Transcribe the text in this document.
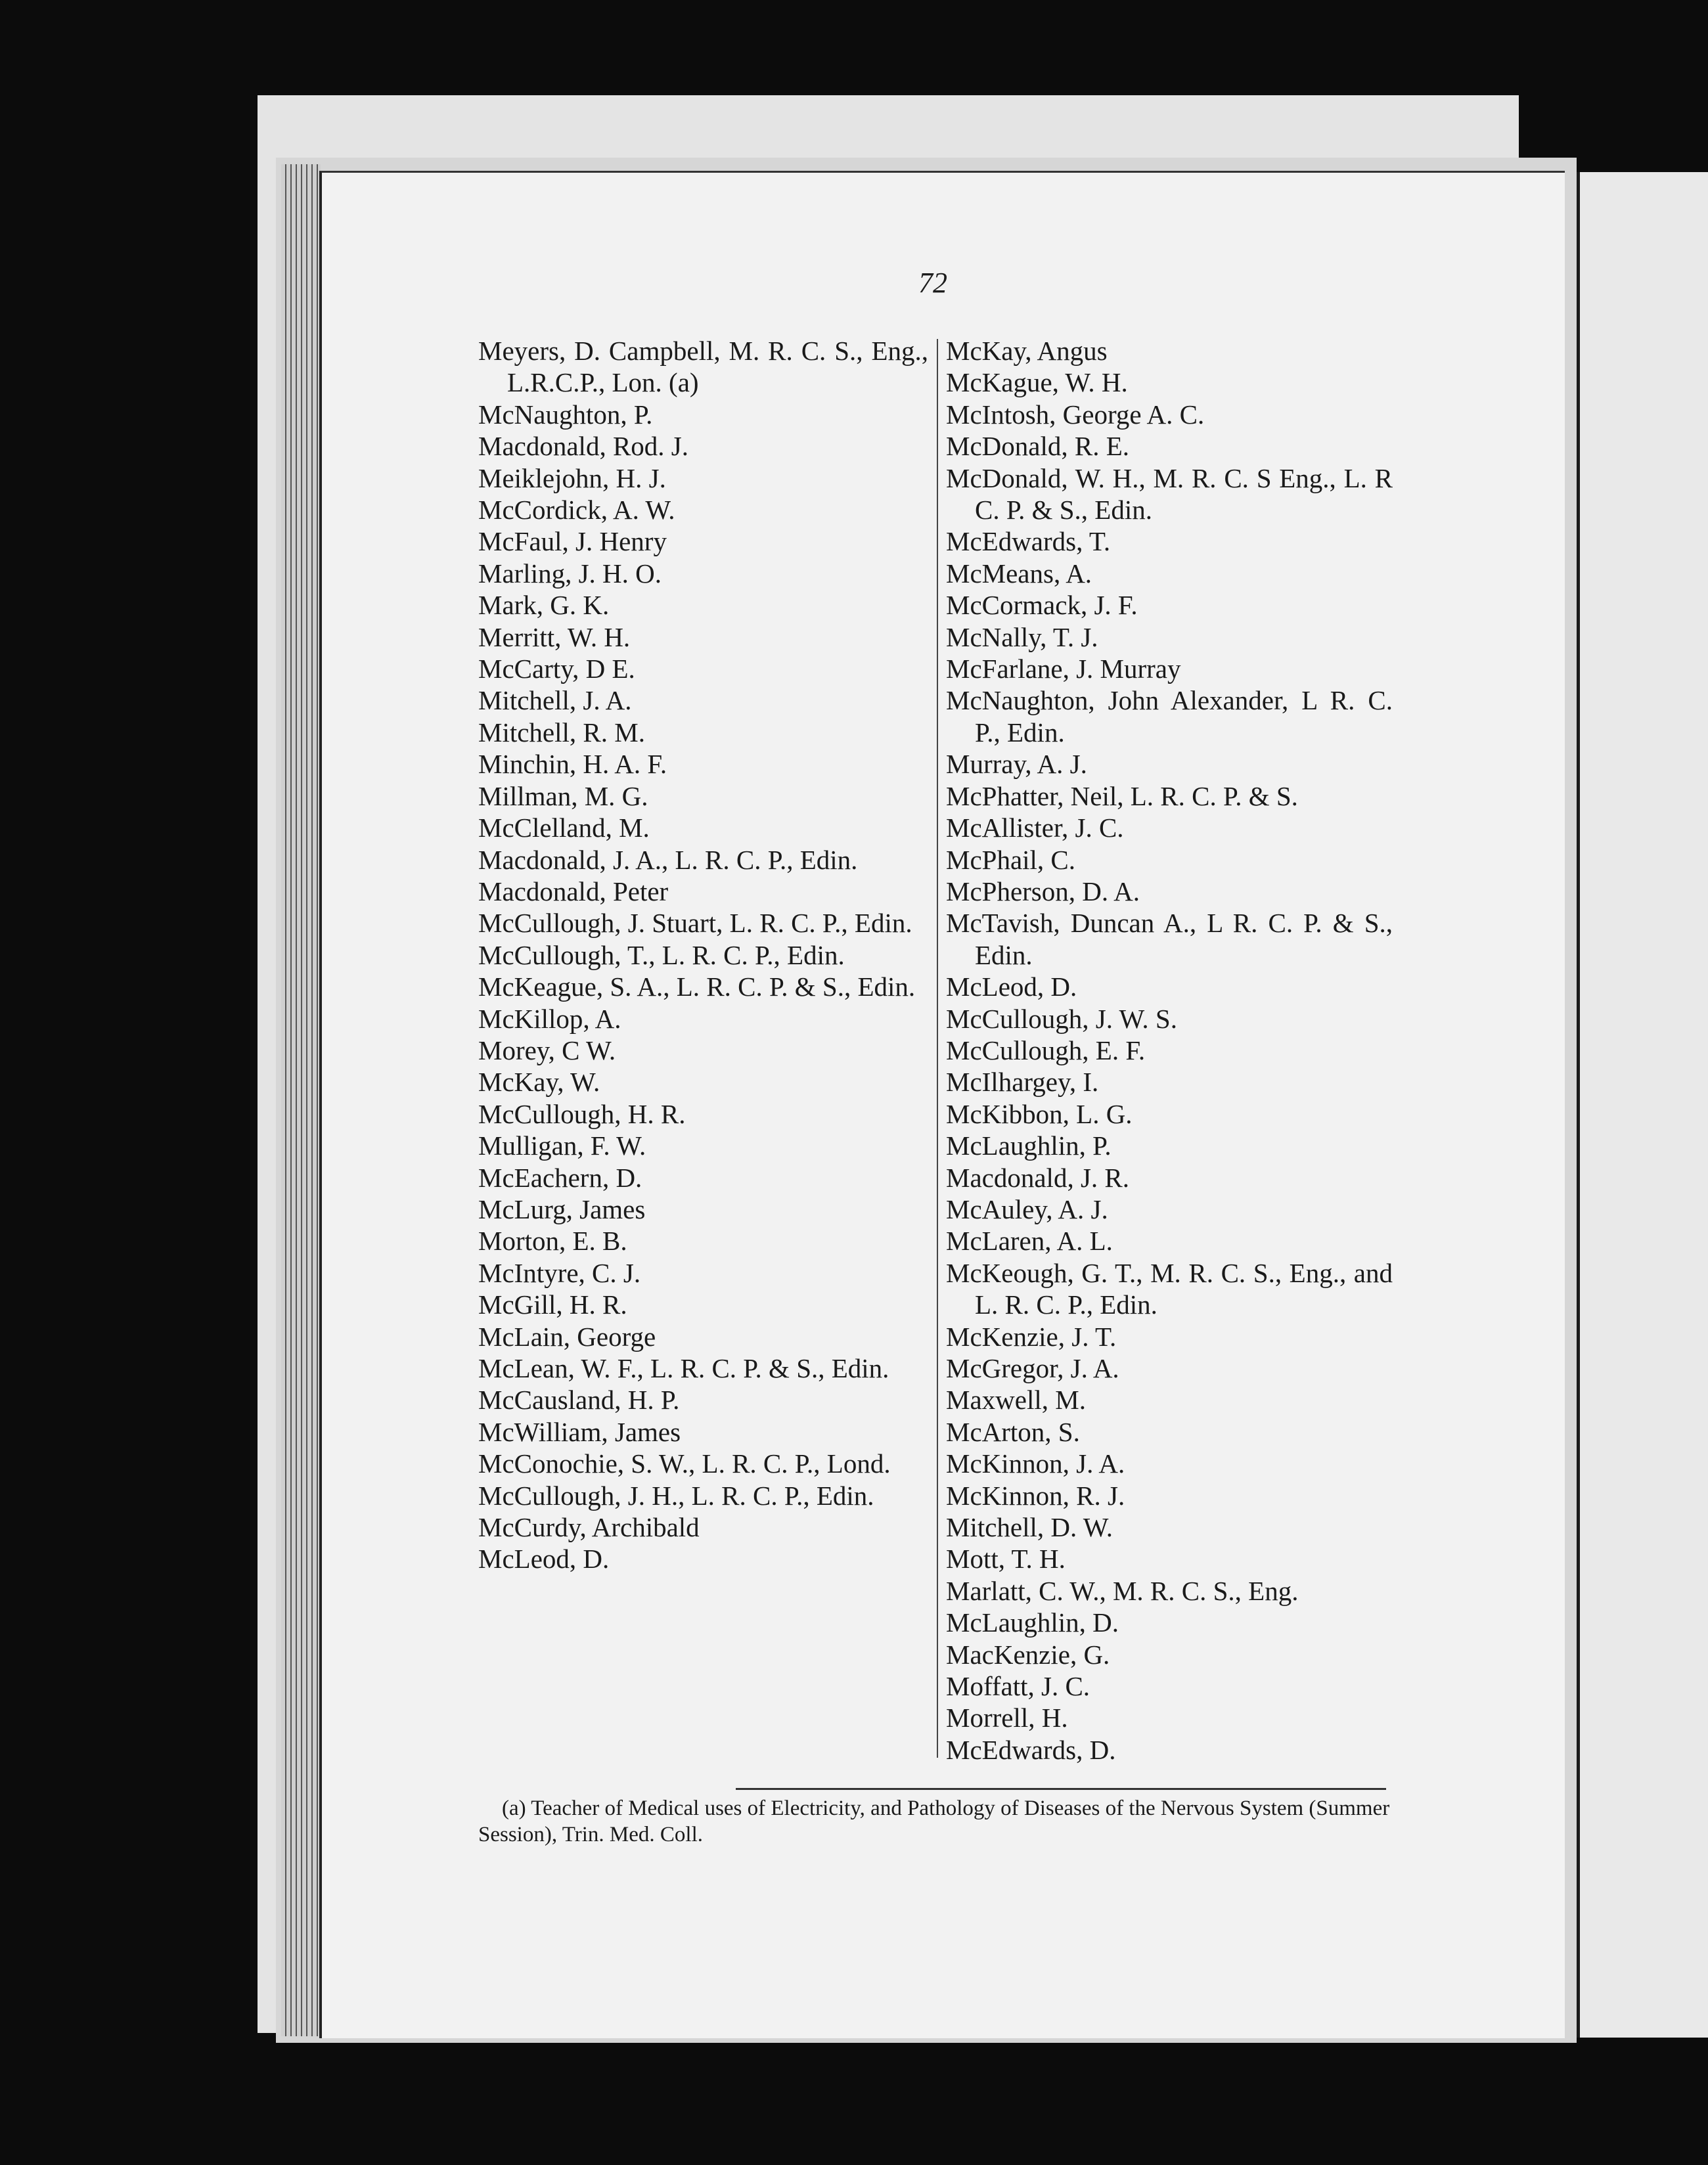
72

Meyers, D. Campbell, M. R. C. S., Eng., L.R.C.P., Lon. (a)

McNaughton, P.

Macdonald, Rod. J.

Meiklejohn, H. J.

McCordick, A. W.

McFaul, J. Henry

Marling, J. H. O.

Mark, G. K.

Merritt, W. H.

McCarty, D E.

Mitchell, J. A.

Mitchell, R. M.

Minchin, H. A. F.

Millman, M. G.

McClelland, M.

Macdonald, J. A., L. R. C. P., Edin.

Macdonald, Peter

McCullough, J. Stuart, L. R. C. P., Edin.

McCullough, T., L. R. C. P., Edin.

McKeague, S. A., L. R. C. P. & S., Edin.

McKillop, A.

Morey, C W.

McKay, W.

McCullough, H. R.

Mulligan, F. W.

McEachern, D.

McLurg, James

Morton, E. B.

McIntyre, C. J.

McGill, H. R.

McLain, George

McLean, W. F., L. R. C. P. & S., Edin.

McCausland, H. P.

McWilliam, James

McConochie, S. W., L. R. C. P., Lond.

McCullough, J. H., L. R. C. P., Edin.

McCurdy, Archibald

McLeod, D.

McKay, Angus

McKague, W. H.

McIntosh, George A. C.

McDonald, R. E.

McDonald, W. H., M. R. C. S Eng., L. R C. P. & S., Edin.

McEdwards, T.

McMeans, A.

McCormack, J. F.

McNally, T. J.

McFarlane, J. Murray

McNaughton, John Alexander, L R. C. P., Edin.

Murray, A. J.

McPhatter, Neil, L. R. C. P. & S.

McAllister, J. C.

McPhail, C.

McPherson, D. A.

McTavish, Duncan A., L R. C. P. & S., Edin.

McLeod, D.

McCullough, J. W. S.

McCullough, E. F.

McIlhargey, I.

McKibbon, L. G.

McLaughlin, P.

Macdonald, J. R.

McAuley, A. J.

McLaren, A. L.

McKeough, G. T., M. R. C. S., Eng., and L. R. C. P., Edin.

McKenzie, J. T.

McGregor, J. A.

Maxwell, M.

McArton, S.

McKinnon, J. A.

McKinnon, R. J.

Mitchell, D. W.

Mott, T. H.

Marlatt, C. W., M. R. C. S., Eng.

McLaughlin, D.

MacKenzie, G.

Moffatt, J. C.

Morrell, H.

McEdwards, D.

(a) Teacher of Medical uses of Electricity, and Pathology of Diseases of the Nervous System (Summer Session), Trin. Med. Coll.
